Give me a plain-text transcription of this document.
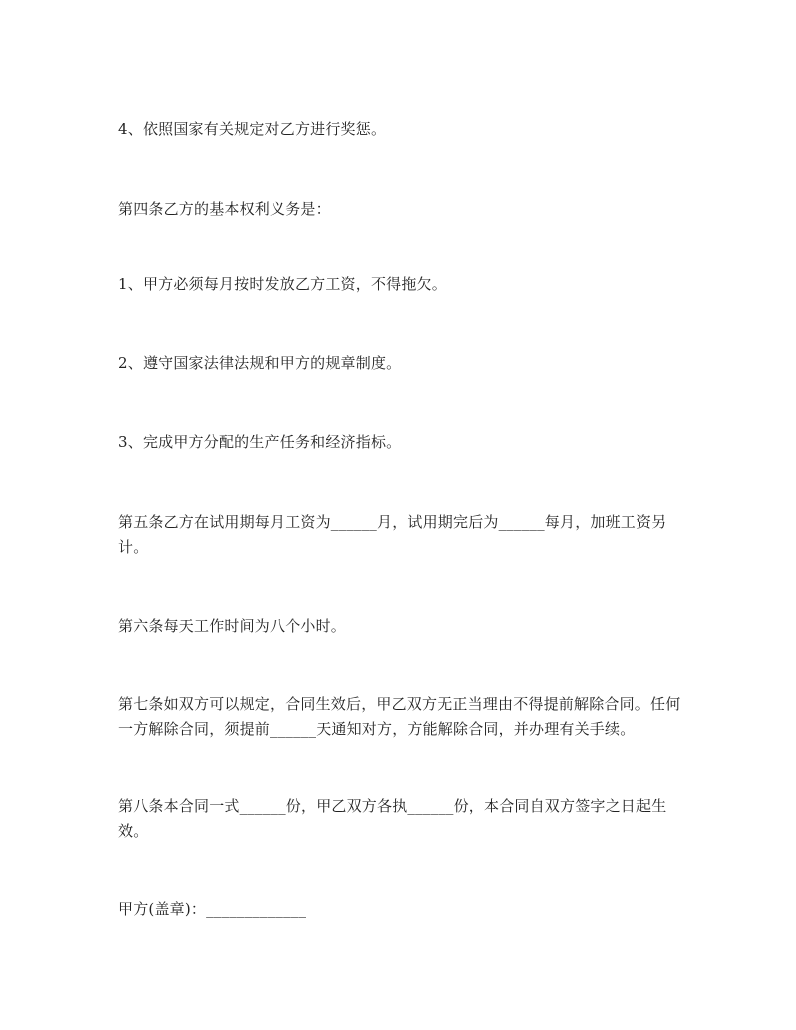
4、依照国家有关规定对乙方进行奖惩。

第四条乙方的基本权利义务是：

1、甲方必须每月按时发放乙方工资，不得拖欠。

2、遵守国家法律法规和甲方的规章制度。

3、完成甲方分配的生产任务和经济指标。

第五条乙方在试用期每月工资为______月，试用期完后为______每月，加班工资另计。

第六条每天工作时间为八个小时。

第七条如双方可以规定，合同生效后，甲乙双方无正当理由不得提前解除合同。任何一方解除合同，须提前______天通知对方，方能解除合同，并办理有关手续。

第八条本合同一式______份，甲乙双方各执______份，本合同自双方签字之日起生效。

甲方(盖章)：_____________
